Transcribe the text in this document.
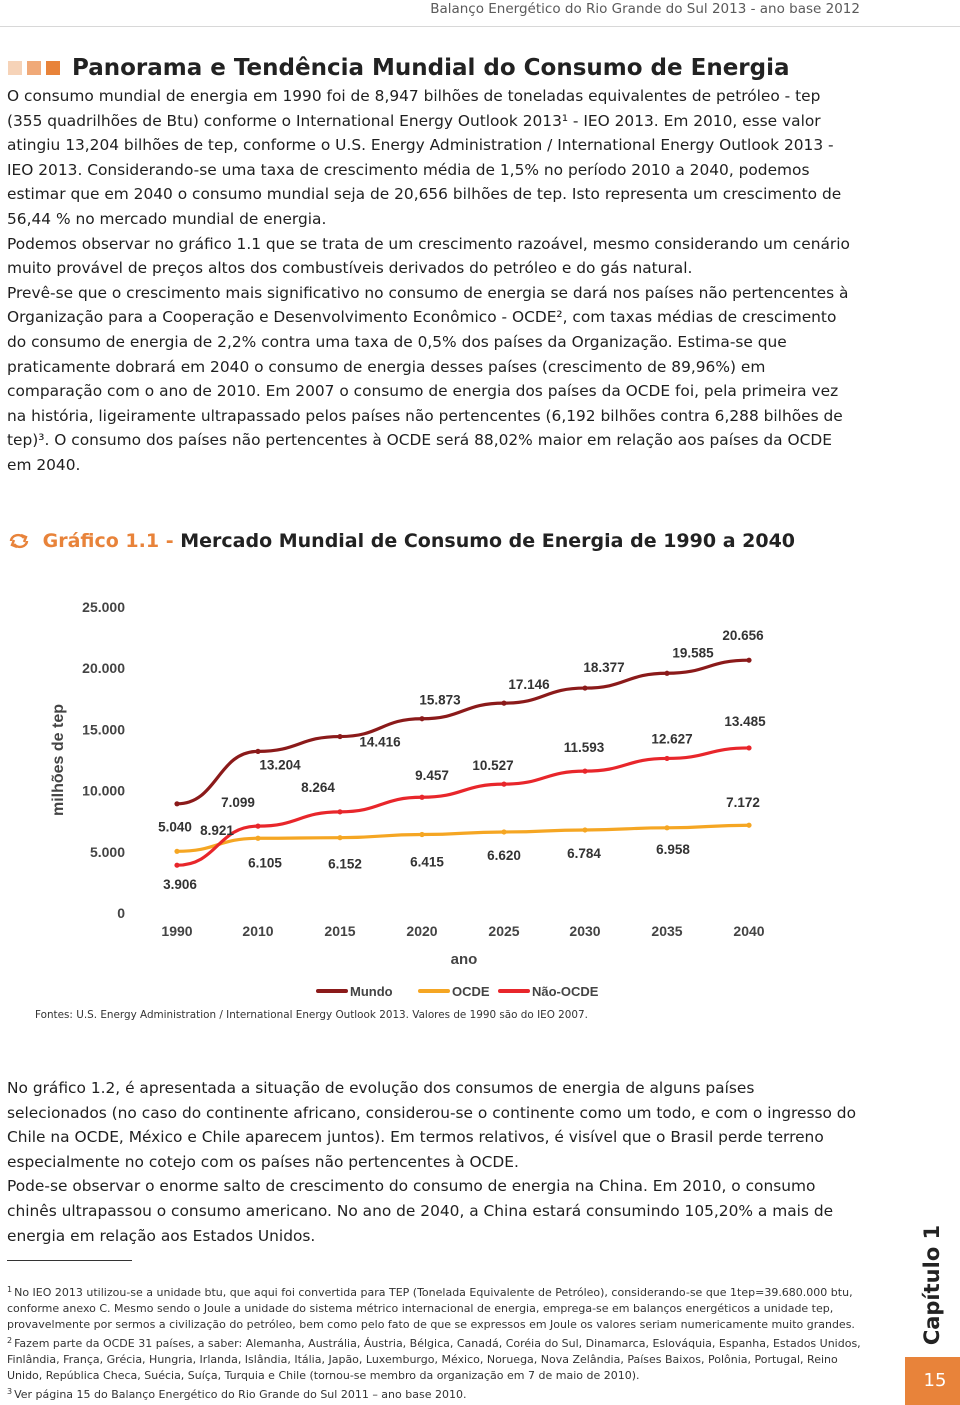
Balanço Energético do Rio Grande do Sul 2013 - ano base 2012
Panorama e Tendência Mundial do Consumo de Energia

O consumo mundial de energia em 1990 foi de 8,947 bilhões de toneladas equivalentes de petróleo - tep (355 quadrilhões de Btu) conforme o International Energy Outlook 2013¹ - IEO 2013. Em 2010, esse valor atingiu 13,204 bilhões de tep, conforme o U.S. Energy Administration / International Energy Outlook 2013 - IEO 2013. Considerando-se uma taxa de crescimento média de 1,5% no período 2010 a 2040, podemos estimar que em 2040 o consumo mundial seja de 20,656 bilhões de tep. Isto representa um crescimento de 56,44 % no mercado mundial de energia.

Podemos observar no gráfico 1.1 que se trata de um crescimento razoável, mesmo considerando um cenário muito provável de preços altos dos combustíveis derivados do petróleo e do gás natural.

Prevê-se que o crescimento mais significativo no consumo de energia se dará nos países não pertencentes à Organização para a Cooperação e Desenvolvimento Econômico - OCDE², com taxas médias de crescimento do consumo de energia de 2,2% contra uma taxa de 0,5% dos países da Organização. Estima-se que praticamente dobrará em 2040 o consumo de energia desses países (crescimento de 89,96%) em comparação com o ano de 2010. Em 2007 o consumo de energia dos países da OCDE foi, pela primeira vez na história, ligeiramente ultrapassado pelos países não pertencentes (6,192 bilhões contra 6,288 bilhões de tep)³. O consumo dos países não pertencentes à OCDE será 88,02% maior em relação aos países da OCDE em 2040.

Gráfico 1.1 - Mercado Mundial de Consumo de Energia de 1990 a 2040
0
5.000
10.000
15.000
20.000
25.000
1990	2010	2015	2020	2025	2030	2035	2040
ano
milhões de tep
8.921
13.204
14.416
15.873
17.146
18.377
19.585
20.656
5.040
6.105	6.152	6.415	6.620	6.784	6.958
7.172
3.906
7.099
8.264
9.457
10.527
11.593
12.627
13.485
Mundo	OCDE	Não-OCDE
Fontes: U.S. Energy Administration / International Energy Outlook 2013. Valores de 1990 são do IEO 2007.

No gráfico 1.2, é apresentada a situação de evolução dos consumos de energia de alguns países selecionados (no caso do continente africano, considerou-se o continente como um todo, e com o ingresso do Chile na OCDE, México e Chile aparecem juntos). Em termos relativos, é visível que o Brasil perde terreno especialmente no cotejo com os países não pertencentes à OCDE.

Pode-se observar o enorme salto de crescimento do consumo de energia na China. Em 2010, o consumo chinês ultrapassou o consumo americano. No ano de 2040, a China estará consumindo 105,20% a mais de energia em relação aos Estados Unidos.

$^1$ No IEO 2013 utilizou-se a unidade btu, que aqui foi convertida para TEP (Tonelada Equivalente de Petróleo), considerando-se que 1tep=39.680.000 btu, conforme anexo C. Mesmo sendo o Joule a unidade do sistema métrico internacional de energia, emprega-se em balanços energéticos a unidade tep, provavelmente por sermos a civilização do petróleo, bem como pelo fato de que se expressos em Joule os valores seriam numericamente muito grandes.

$^2$ Fazem parte da OCDE 31 países, a saber: Alemanha, Austrália, Áustria, Bélgica, Canadá, Coréia do Sul, Dinamarca, Eslováquia, Espanha, Estados Unidos, Finlândia, França, Grécia, Hungria, Irlanda, Islândia, Itália, Japão, Luxemburgo, México, Noruega, Nova Zelândia, Países Baixos, Polônia, Portugal, Reino Unido, República Checa, Suécia, Suíça, Turquia e Chile (tornou-se membro da organização em 7 de maio de 2010).

$^3$ Ver página 15 do Balanço Energético do Rio Grande do Sul 2011 – ano base 2010.

Capítulo 1
15
